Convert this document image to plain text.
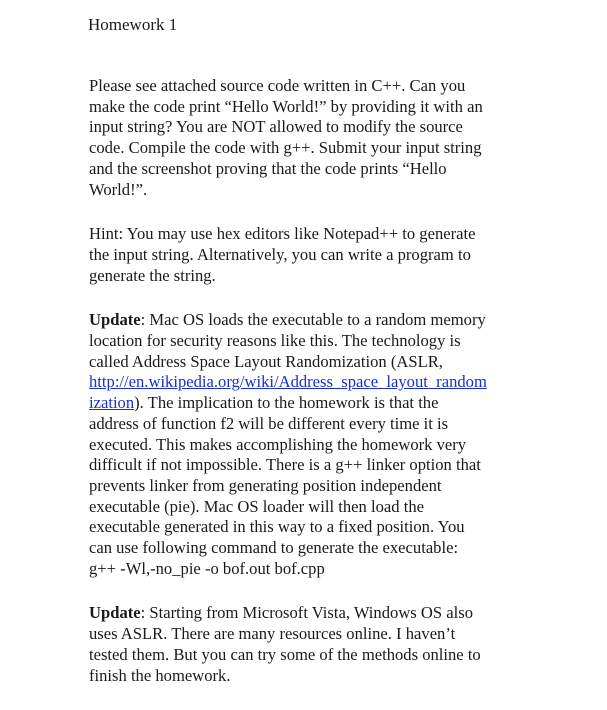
Homework 1
Please see attached source code written in C++. Can you
make the code print “Hello World!” by providing it with an
input string? You are NOT allowed to modify the source
code. Compile the code with g++. Submit your input string
and the screenshot proving that the code prints “Hello
World!”.
Hint: You may use hex editors like Notepad++ to generate
the input string. Alternatively, you can write a program to
generate the string.
Update: Mac OS loads the executable to a random memory
location for security reasons like this. The technology is
called Address Space Layout Randomization (ASLR,
http://en.wikipedia.org/wiki/Address_space_layout_random
ization). The implication to the homework is that the
address of function f2 will be different every time it is
executed. This makes accomplishing the homework very
difficult if not impossible. There is a g++ linker option that
prevents linker from generating position independent
executable (pie). Mac OS loader will then load the
executable generated in this way to a fixed position. You
can use following command to generate the executable:
g++ -Wl,-no_pie -o bof.out bof.cpp
Update: Starting from Microsoft Vista, Windows OS also
uses ASLR. There are many resources online. I haven’t
tested them. But you can try some of the methods online to
finish the homework.
